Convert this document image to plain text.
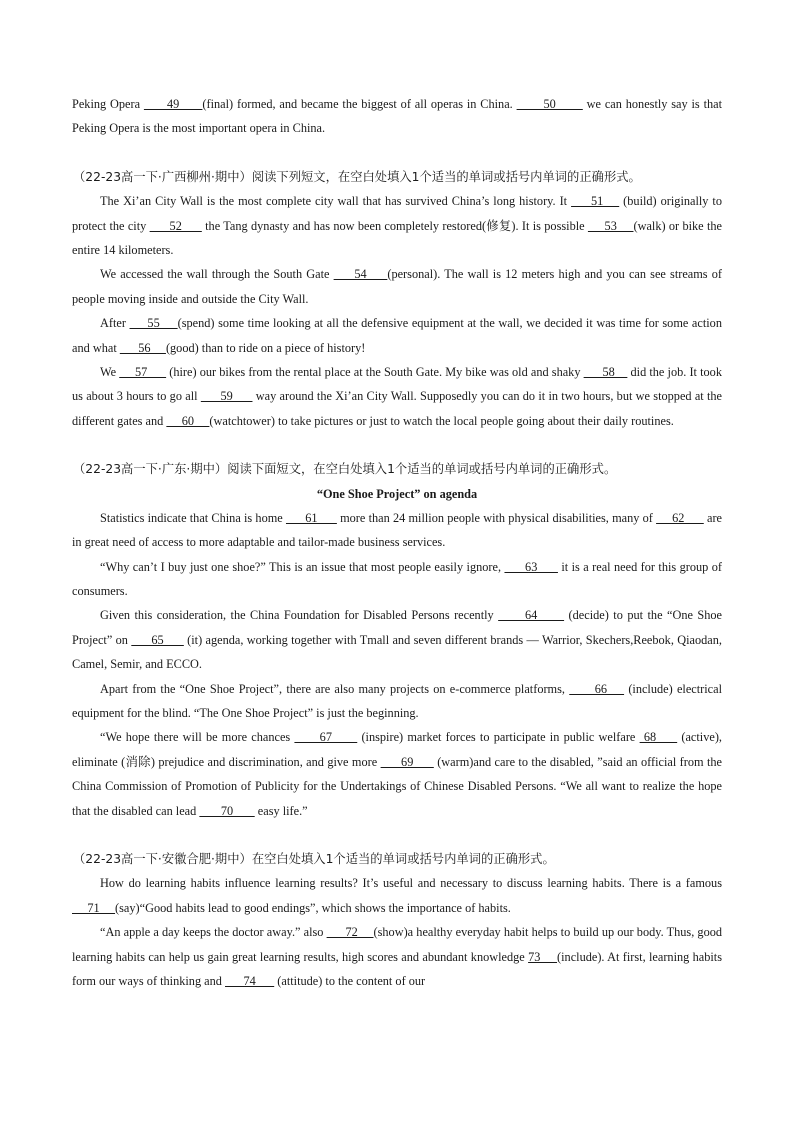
Peking Opera       49      (final) formed, and became the biggest of all operas in China.        50        we can honestly say is that Peking Opera is the most important opera in China.

（22-23高一下·广西柳州·期中）阅读下列短文，在空白处填入1个适当的单词或括号内单词的正确形式。

The Xi’an City Wall is the most complete city wall that has survived China’s long history. It      51     (build) originally to protect the city       52       the Tang dynasty and has now been completely restored(修复). It is possible      53     (walk) or bike the entire 14 kilometers.

We accessed the wall through the South Gate      54     (personal). The wall is 12 meters high and you can see streams of people moving inside and outside the City Wall.

After      55     (spend) some time looking at all the defensive equipment at the wall, we decided it was time for some action and what       56     (good) than to ride on a piece of history!

We      57       (hire) our bikes from the rental place at the South Gate. My bike was old and shaky       58     did the job. It took us about 3 hours to go all       59       way around the Xi’an City Wall. Supposedly you can do it in two hours, but we stopped at the different gates and      60     (watchtower) to take pictures or just to watch the local people going about their daily routines.

（22-23高一下·广东·期中）阅读下面短文，在空白处填入1个适当的单词或括号内单词的正确形式。

“One Shoe Project” on agenda

Statistics indicate that China is home       61       more than 24 million people with physical disabilities, many of      62       are in great need of access to more adaptable and tailor-made business services.

“Why can’t I buy just one shoe?” This is an issue that most people easily ignore,       63       it is a real need for this group of consumers.

Given this consideration, the China Foundation for Disabled Persons recently       64       (decide) to put the “One Shoe Project” on       65       (it) agenda, working together with Tmall and seven different brands — Warrior, Skechers,Reebok, Qiaodan, Camel, Semir, and ECCO.

Apart from the “One Shoe Project”, there are also many projects on e-commerce platforms,       66     (include) electrical equipment for the blind. “The One Shoe Project” is just the beginning.

“We hope there will be more chances       67       (inspire) market forces to participate in public welfare  68      (active), eliminate (消除) prejudice and discrimination, and give more       69       (warm)and care to the disabled, ”said an official from the China Commission of Promotion of Publicity for the Undertakings of Chinese Disabled Persons. “We all want to realize the hope that the disabled can lead        70        easy life.”

（22-23高一下·安徽合肥·期中）在空白处填入1个适当的单词或括号内单词的正确形式。

How do learning habits influence learning results? It’s useful and necessary to discuss learning habits. There is a famous      71     (say)“Good habits lead to good endings”, which shows the importance of habits.

“An apple a day keeps the doctor away.” also       72     (show)a healthy everyday habit helps to build up our body. Thus, good learning habits can help us gain great learning results, high scores and abundant knowledge 73     (include). At first, learning habits form our ways of thinking and       74       (attitude) to the content of our
